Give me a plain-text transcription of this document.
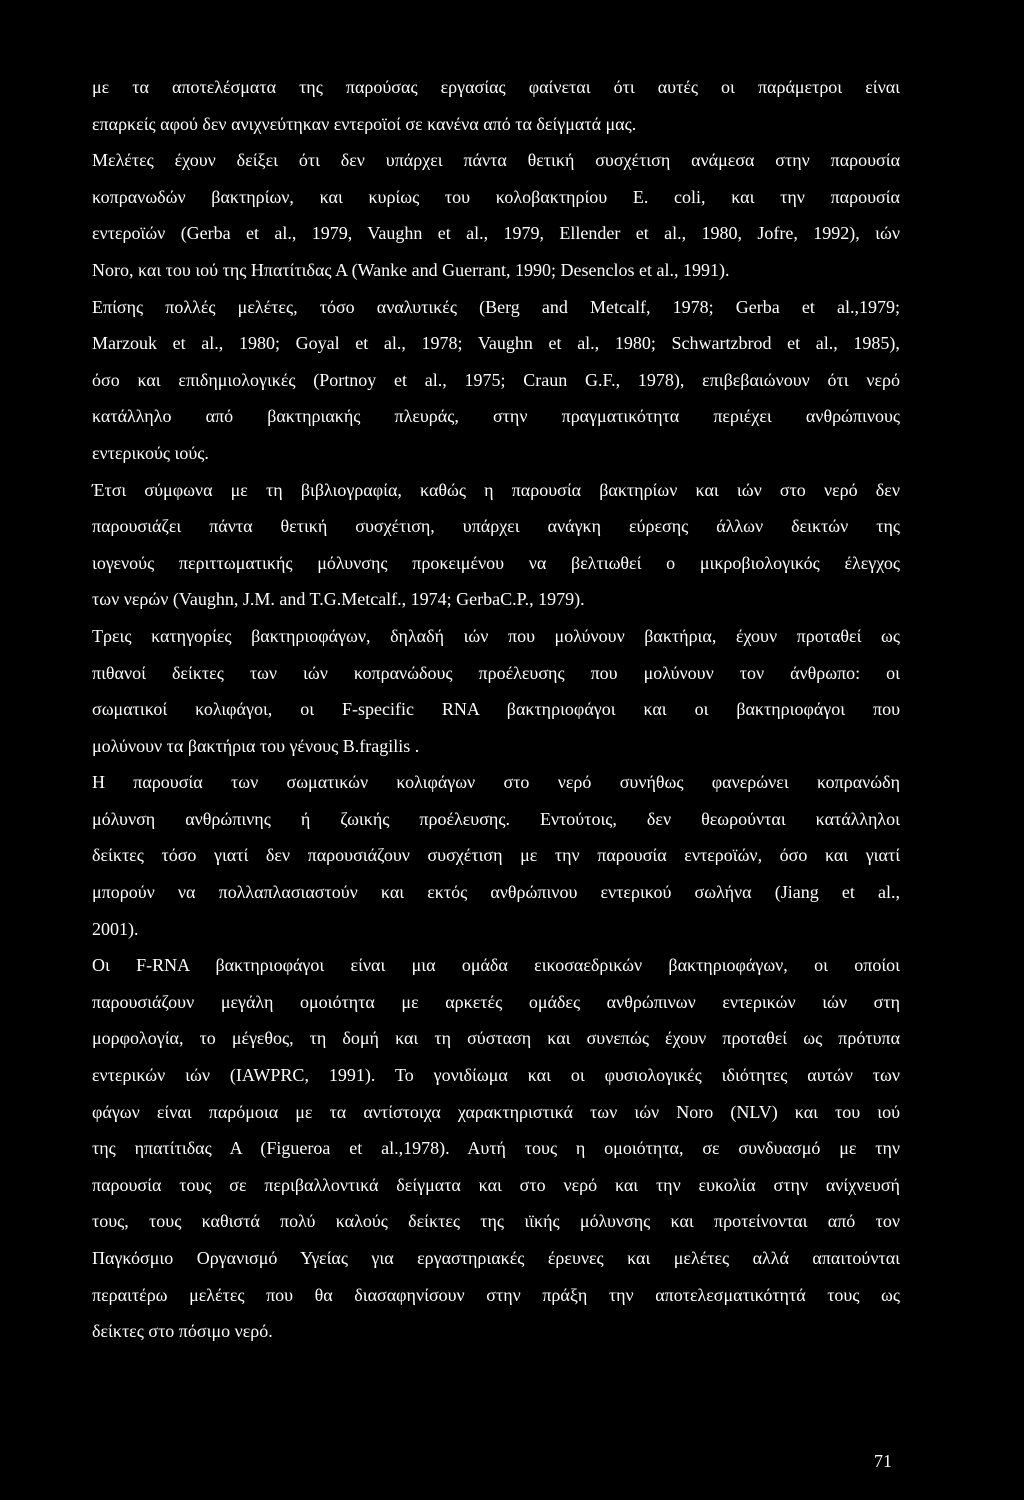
με τα αποτελέσματα της παρούσας εργασίας φαίνεται ότι αυτές οι παράμετροι είναι
επαρκείς αφού δεν ανιχνεύτηκαν εντεροϊοί σε κανένα από τα δείγματά μας.

Μελέτες έχουν δείξει ότι δεν υπάρχει πάντα θετική συσχέτιση ανάμεσα στην παρουσία
κοπρανωδών βακτηρίων, και κυρίως του κολοβακτηρίου E. coli, και την παρουσία
εντεροϊών (Gerba et al., 1979, Vaughn et al., 1979, Ellender et al., 1980, Jofre, 1992), ιών
Noro, και του ιού της Ηπατίτιδας Α (Wanke and Guerrant, 1990; Desenclos et al., 1991).

Επίσης πολλές μελέτες, τόσο αναλυτικές (Berg and Metcalf, 1978; Gerba et al.,1979;
Marzouk et al., 1980; Goyal et al., 1978; Vaughn et al., 1980; Schwartzbrod et al., 1985),
όσο και επιδημιολογικές (Portnoy et al., 1975; Craun G.F., 1978), επιβεβαιώνουν ότι νερό
κατάλληλο από βακτηριακής πλευράς, στην πραγματικότητα περιέχει ανθρώπινους
εντερικούς ιούς.

Έτσι σύμφωνα με τη βιβλιογραφία, καθώς η παρουσία βακτηρίων και ιών στο νερό δεν
παρουσιάζει πάντα θετική συσχέτιση, υπάρχει ανάγκη εύρεσης άλλων δεικτών της
ιογενούς περιττωματικής μόλυνσης προκειμένου να βελτιωθεί ο μικροβιολογικός έλεγχος
των νερών (Vaughn, J.M. and T.G.Metcalf., 1974; GerbaC.P., 1979).

Τρεις κατηγορίες βακτηριοφάγων, δηλαδή ιών που μολύνουν βακτήρια, έχουν προταθεί ως
πιθανοί δείκτες των ιών κοπρανώδους προέλευσης που μολύνουν τον άνθρωπο: οι
σωματικοί κολιφάγοι, οι F-specific RNA βακτηριοφάγοι και οι βακτηριοφάγοι που
μολύνουν τα βακτήρια του γένους B.fragilis .

Η παρουσία των σωματικών κολιφάγων στο νερό συνήθως φανερώνει κοπρανώδη
μόλυνση ανθρώπινης ή ζωικής προέλευσης. Εντούτοις, δεν θεωρούνται κατάλληλοι
δείκτες τόσο γιατί δεν παρουσιάζουν συσχέτιση με την παρουσία εντεροϊών, όσο και γιατί
μπορούν να πολλαπλασιαστούν και εκτός ανθρώπινου εντερικού σωλήνα (Jiang et al.,
2001).

Οι F-RNA βακτηριοφάγοι είναι μια ομάδα εικοσαεδρικών βακτηριοφάγων, οι οποίοι
παρουσιάζουν μεγάλη ομοιότητα με αρκετές ομάδες ανθρώπινων εντερικών ιών στη
μορφολογία, το μέγεθος, τη δομή και τη σύσταση και συνεπώς έχουν προταθεί ως πρότυπα
εντερικών ιών (IAWPRC, 1991). Το γονιδίωμα και οι φυσιολογικές ιδιότητες αυτών των
φάγων είναι παρόμοια με τα αντίστοιχα χαρακτηριστικά των ιών Noro (NLV) και του ιού
της ηπατίτιδας Α (Figueroa et al.,1978). Αυτή τους η ομοιότητα, σε συνδυασμό με την
παρουσία τους σε περιβαλλοντικά δείγματα και στο νερό και την ευκολία στην ανίχνευσή
τους, τους καθιστά πολύ καλούς δείκτες της ιϊκής μόλυνσης και προτείνονται από τον
Παγκόσμιο Οργανισμό Υγείας για εργαστηριακές έρευνες και μελέτες αλλά απαιτούνται
περαιτέρω μελέτες που θα διασαφηνίσουν στην πράξη την αποτελεσματικότητά τους ως
δείκτες στο πόσιμο νερό.

71
